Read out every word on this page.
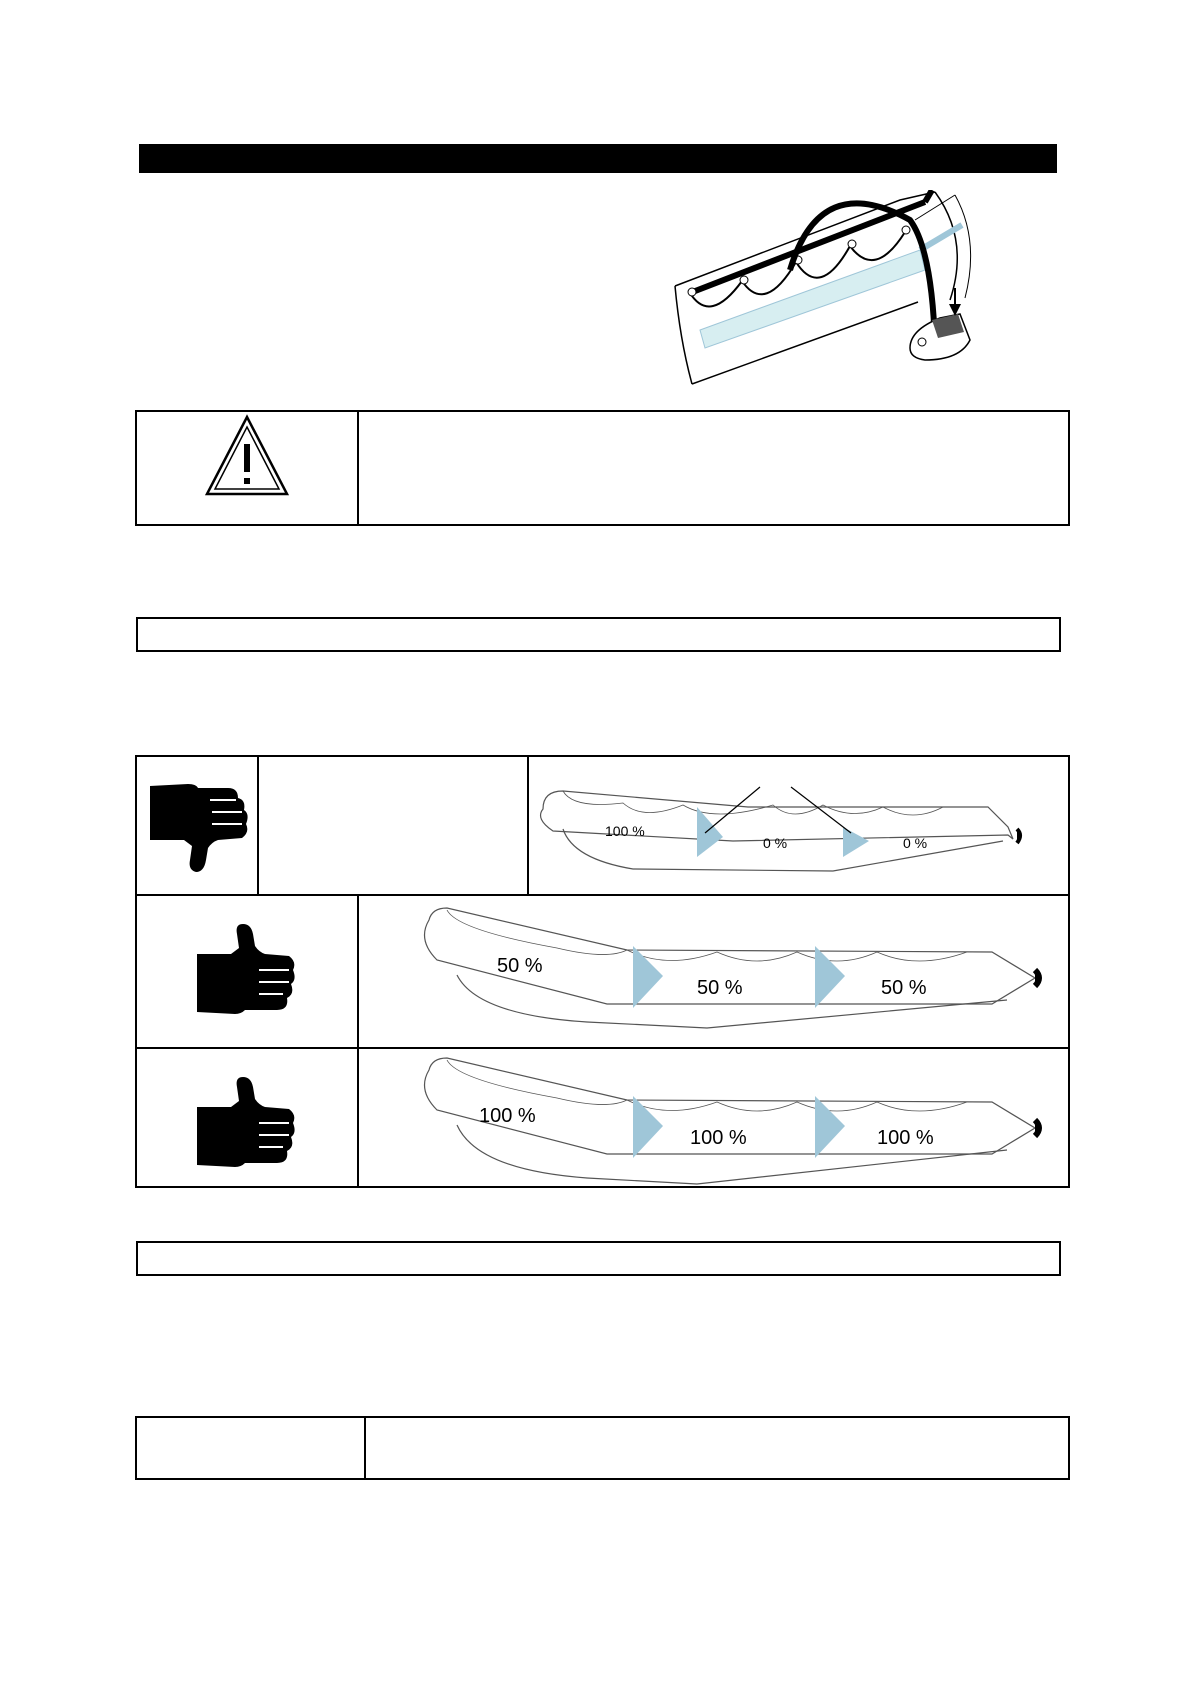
100 %
0 %	0 %
50 %
50 %	50 %
100 %
100 %	100 %
